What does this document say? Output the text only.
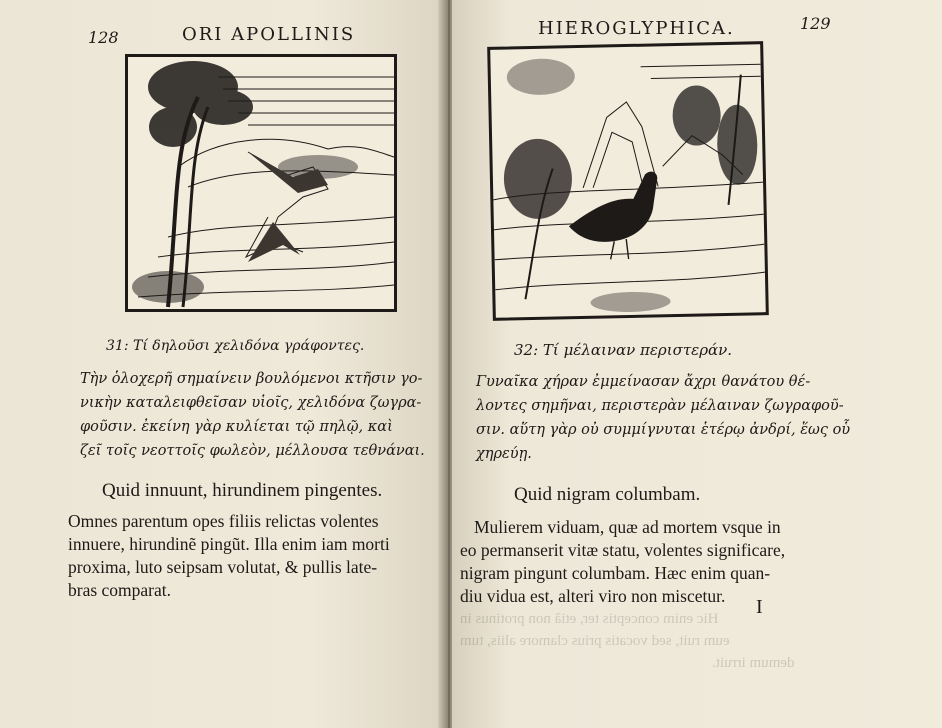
128	ORI APOLLINIS
31: Τί δηλοῦσι χελιδόνα γράφοντες.
Τὴν ὁλοχερῆ σημαίνειν βουλόμενοι κτῆσιν γο-
νικὴν καταλειφθεῖσαν υἱοῖς, χελιδόνα ζωγρα-
φοῦσιν. ἐκείνη γὰρ κυλίεται τῷ πηλῷ, καὶ
ζεῖ τοῖς νεοττοῖς φωλεὸν, μέλλουσα τεθνάναι.
Quid innuunt, hirundinem pingentes.
Omnes parentum opes filiis relictas volentes
innuere, hirundinẽ pingũt. Illa enim iam morti
proxima, luto seipsam volutat, & pullis late-
bras comparat.
HIEROGLYPHICA.	129
32: Τί μέλαιναν περιστεράν.
Γυναῖκα χήραν ἐμμείνασαν ἄχρι θανάτου θέ-
λοντες σημῆναι, περιστερὰν μέλαιναν ζωγραφοῦ-
σιν. αὕτη γὰρ οὐ συμμίγνυται ἑτέρῳ ἀνδρί, ἕως οὗ
χηρεύῃ.
Quid nigram columbam.
Mulierem viduam, quæ ad mortem vsque in
eo permanserit vitæ statu, volentes significare,
nigram pingunt columbam. Hæc enim quan-
diu vidua est, alteri viro non miscetur.
Hic enim conceptis ter, etiã non protinus in
eum ruit, sed vocatis prius clamore aliis, tum
demum irruit.
I
